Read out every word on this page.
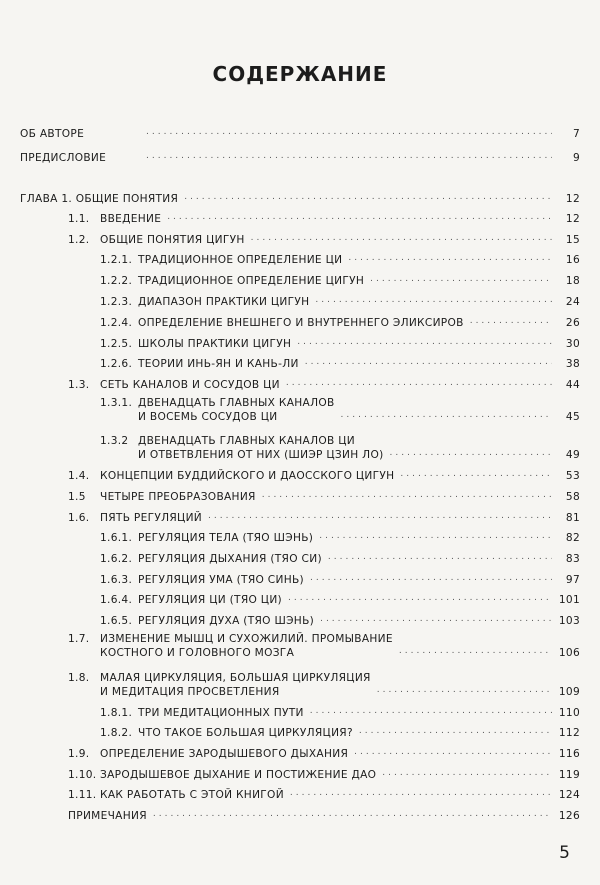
СОДЕРЖАНИЕ
ОБ АВТОРЕ .....	7
ПРЕДИСЛОВИЕ .....	9
ГЛАВА 1. ОБЩИЕ ПОНЯТИЯ .....	12
1.1. ВВЕДЕНИЕ .....	12
1.2. ОБЩИЕ ПОНЯТИЯ ЦИГУН .....	15
1.2.1. ТРАДИЦИОННОЕ ОПРЕДЕЛЕНИЕ ЦИ .....	16
1.2.2. ТРАДИЦИОННОЕ ОПРЕДЕЛЕНИЕ ЦИГУН .....	18
1.2.3. ДИАПАЗОН ПРАКТИКИ ЦИГУН .....	24
1.2.4. ОПРЕДЕЛЕНИЕ ВНЕШНЕГО И ВНУТРЕННЕГО ЭЛИКСИРОВ .....	26
1.2.5. ШКОЛЫ ПРАКТИКИ ЦИГУН .....	30
1.2.6. ТЕОРИИ ИНЬ-ЯН И КАНЬ-ЛИ .....	38
1.3. СЕТЬ КАНАЛОВ И СОСУДОВ ЦИ .....	44
1.3.1. ДВЕНАДЦАТЬ ГЛАВНЫХ КАНАЛОВ
И ВОСЕМЬ СОСУДОВ ЦИ .....	45
1.3.2 ДВЕНАДЦАТЬ ГЛАВНЫХ КАНАЛОВ ЦИ
И ОТВЕТВЛЕНИЯ ОТ НИХ (ШИЭР ЦЗИН ЛО) .....	49
1.4. КОНЦЕПЦИИ БУДДИЙСКОГО И ДАОССКОГО ЦИГУН .....	53
1.5	ЧЕТЫРЕ ПРЕОБРАЗОВАНИЯ .....	58
1.6. ПЯТЬ РЕГУЛЯЦИЙ .....	81
1.6.1. РЕГУЛЯЦИЯ ТЕЛА (ТЯО ШЭНЬ) .....	82
1.6.2. РЕГУЛЯЦИЯ ДЫХАНИЯ (ТЯО СИ) .....	83
1.6.3. РЕГУЛЯЦИЯ УМА (ТЯО СИНЬ) .....	97
1.6.4. РЕГУЛЯЦИЯ ЦИ (ТЯО ЦИ) .....	101
1.6.5. РЕГУЛЯЦИЯ ДУХА (ТЯО ШЭНЬ) .....	103
1.7. ИЗМЕНЕНИЕ МЫШЦ И СУХОЖИЛИЙ. ПРОМЫВАНИЕ
КОСТНОГО И ГОЛОВНОГО МОЗГА .....	106
1.8. МАЛАЯ ЦИРКУЛЯЦИЯ, БОЛЬШАЯ ЦИРКУЛЯЦИЯ
И МЕДИТАЦИЯ ПРОСВЕТЛЕНИЯ .....	109
1.8.1. ТРИ МЕДИТАЦИОННЫХ ПУТИ .....	110
1.8.2. ЧТО ТАКОЕ БОЛЬШАЯ ЦИРКУЛЯЦИЯ? .....	112
1.9. ОПРЕДЕЛЕНИЕ ЗАРОДЫШЕВОГО ДЫХАНИЯ .....	116
1.10. ЗАРОДЫШЕВОЕ ДЫХАНИЕ И ПОСТИЖЕНИЕ ДАО .....	119
1.11. КАК РАБОТАТЬ С ЭТОЙ КНИГОЙ .....	124
ПРИМЕЧАНИЯ .....	126
5
